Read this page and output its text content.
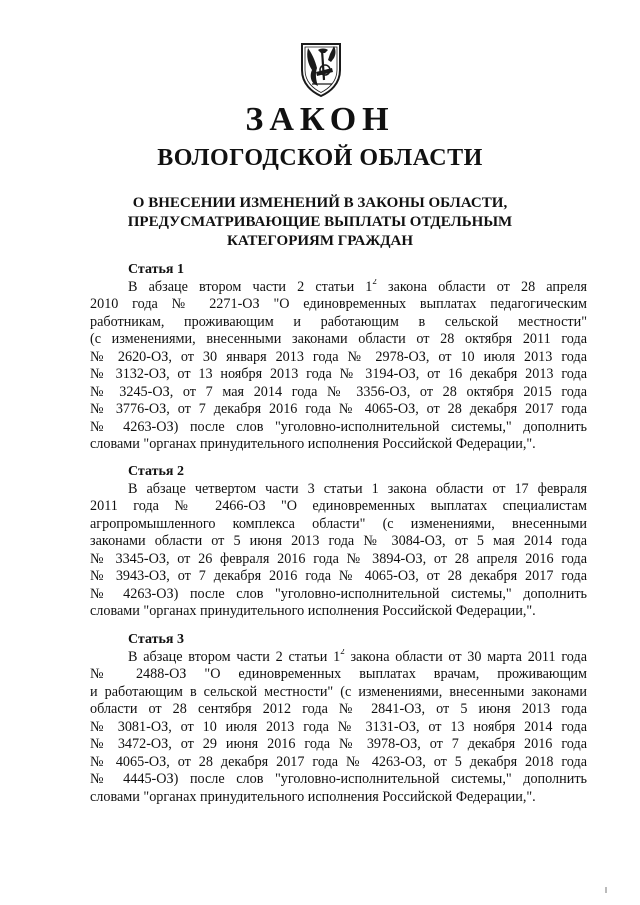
ЗАКОН
ВОЛОГОДСКОЙ ОБЛАСТИ
О ВНЕСЕНИИ ИЗМЕНЕНИЙ В ЗАКОНЫ ОБЛАСТИ,
ПРЕДУСМАТРИВАЮЩИЕ ВЫПЛАТЫ ОТДЕЛЬНЫМ
КАТЕГОРИЯМ ГРАЖДАН
Статья 1
В абзаце втором части 2 статьи $1^2$ закона области от 28 апреля
2010 года № 2271-ОЗ "О единовременных выплатах педагогическим
работникам, проживающим и работающим в сельской местности"
(с изменениями, внесенными законами области от 28 октября 2011 года
№ 2620-ОЗ, от 30 января 2013 года № 2978-ОЗ, от 10 июля 2013 года
№ 3132-ОЗ, от 13 ноября 2013 года № 3194-ОЗ, от 16 декабря 2013 года
№ 3245-ОЗ, от 7 мая 2014 года № 3356-ОЗ, от 28 октября 2015 года
№ 3776-ОЗ, от 7 декабря 2016 года № 4065-ОЗ, от 28 декабря 2017 года
№ 4263-ОЗ) после слов "уголовно-исполнительной системы," дополнить
словами "органах принудительного исполнения Российской Федерации,".
Статья 2
В абзаце четвертом части 3 статьи 1 закона области от 17 февраля
2011 года № 2466-ОЗ "О единовременных выплатах специалистам
агропромышленного комплекса области" (с изменениями, внесенными
законами области от 5 июня 2013 года № 3084-ОЗ, от 5 мая 2014 года
№ 3345-ОЗ, от 26 февраля 2016 года № 3894-ОЗ, от 28 апреля 2016 года
№ 3943-ОЗ, от 7 декабря 2016 года № 4065-ОЗ, от 28 декабря 2017 года
№ 4263-ОЗ) после слов "уголовно-исполнительной системы," дополнить
словами "органах принудительного исполнения Российской Федерации,".
Статья 3
В абзаце втором части 2 статьи $1^2$ закона области от 30 марта 2011 года
№ 2488-ОЗ "О единовременных выплатах врачам, проживающим
и работающим в сельской местности" (с изменениями, внесенными законами
области от 28 сентября 2012 года № 2841-ОЗ, от 5 июня 2013 года
№ 3081-ОЗ, от 10 июля 2013 года № 3131-ОЗ, от 13 ноября 2014 года
№ 3472-ОЗ, от 29 июня 2016 года № 3978-ОЗ, от 7 декабря 2016 года
№ 4065-ОЗ, от 28 декабря 2017 года № 4263-ОЗ, от 5 декабря 2018 года
№ 4445-ОЗ) после слов "уголовно-исполнительной системы," дополнить
словами "органах принудительного исполнения Российской Федерации,".
